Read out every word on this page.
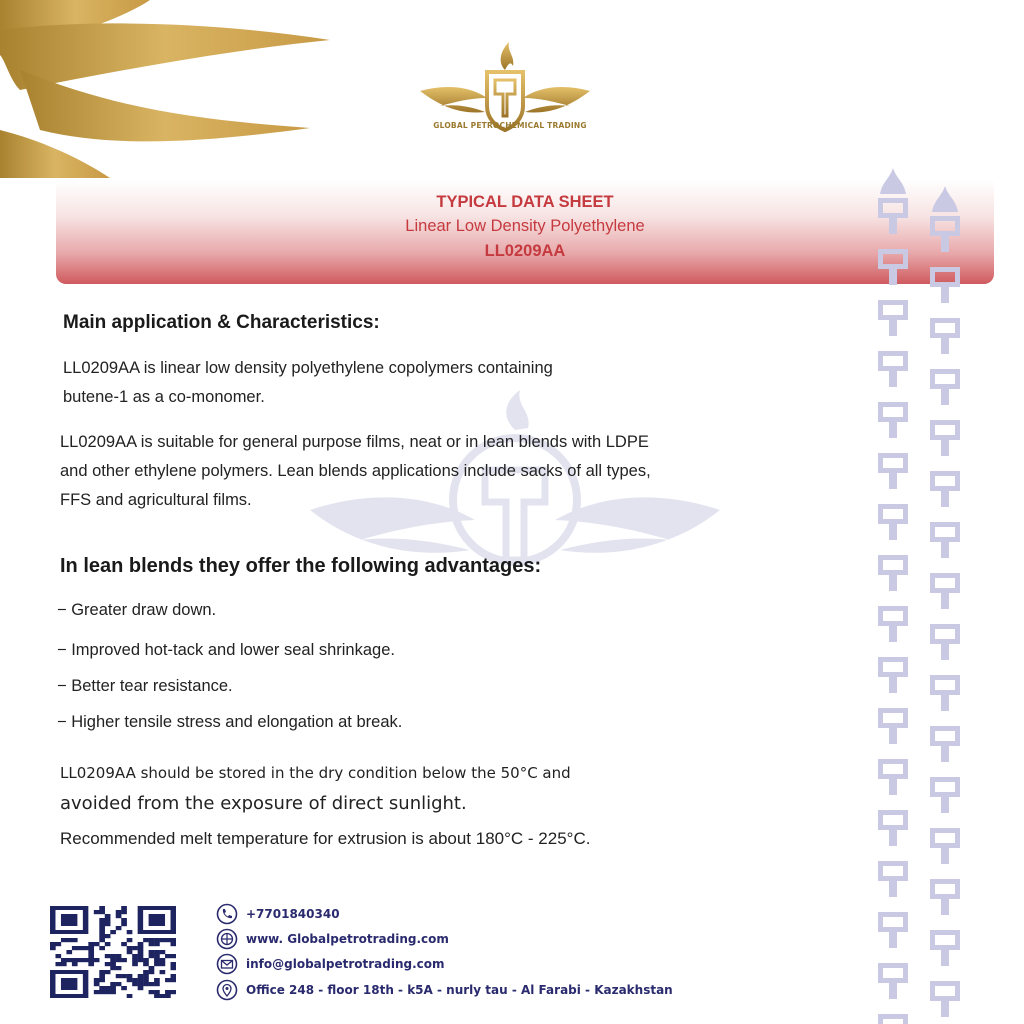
GLOBAL PETROCHEMICAL TRADING
TYPICAL DATA SHEET
Linear Low Density Polyethylene
LL0209AA
Main application & Characteristics:
LL0209AA is linear low density polyethylene copolymers containing
butene-1 as a co-monomer.
LL0209AA is suitable for general purpose films, neat or in lean blends with LDPE
and other ethylene polymers. Lean blends applications include sacks of all types,
FFS and agricultural films.
In lean blends they offer the following advantages:
− Greater draw down.
− Improved hot-tack and lower seal shrinkage.
− Better tear resistance.
− Higher tensile stress and elongation at break.
LL0209AA should be stored in the dry condition below the 50°C and
avoided from the exposure of direct sunlight.
Recommended melt temperature for extrusion is about 180°C - 225°C.
+7701840340
www. Globalpetrotrading.com
info@globalpetrotrading.com
Office 248 - floor 18th - k5A - nurly tau - Al Farabi - Kazakhstan
